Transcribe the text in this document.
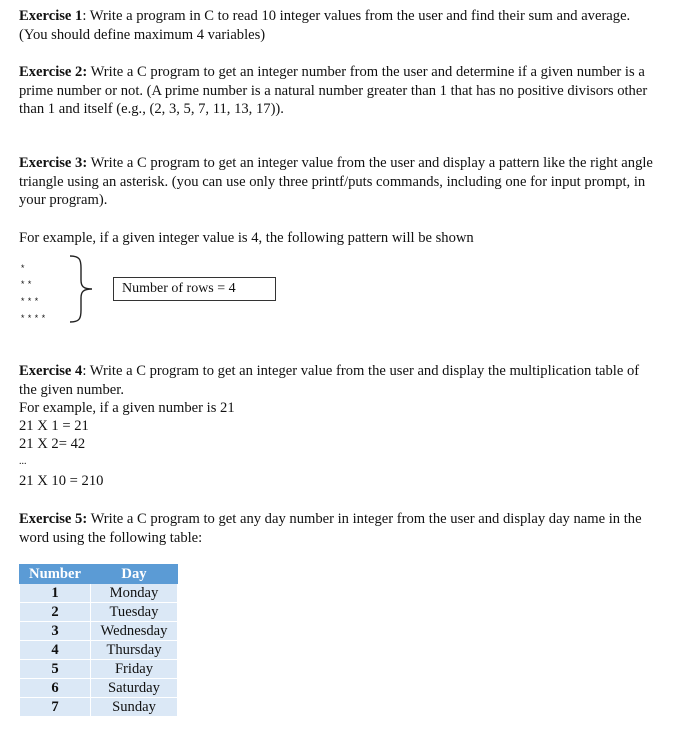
Exercise 1: Write a program in C to read 10 integer values from the user and find their sum and average. (You should define maximum 4 variables)

Exercise 2: Write a C program to get an integer number from the user and determine if a given number is a prime number or not. (A prime number is a natural number greater than 1 that has no positive divisors other than 1 and itself (e.g., (2, 3, 5, 7, 11, 13, 17)).

Exercise 3: Write a C program to get an integer value from the user and display a pattern like the right angle triangle using an asterisk. (you can use only three printf/puts commands, including one for input prompt, in your program).

For example, if a given integer value is 4, the following pattern will be shown
*
**
***
****
Number of rows = 4

Exercise 4: Write a C program to get an integer value from the user and display the multiplication table of the given number.

For example, if a given number is 21
21 X 1 = 21
21 X 2= 42
...
21 X 10 = 210

Exercise 5: Write a C program to get any day number in integer from the user and display day name in the word using the following table:

Number	Day
1	Monday
2	Tuesday
3	Wednesday
4	Thursday
5	Friday
6	Saturday
7	Sunday
